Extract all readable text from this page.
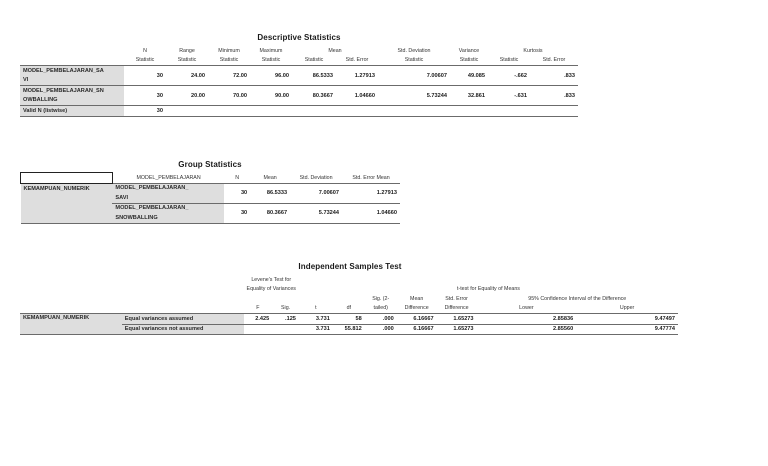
Descriptive Statistics
	N	Range	Minimum	Maximum	Mean		Std. Deviation	Variance	Kurtosis	
	Statistic	Statistic	Statistic	Statistic	Statistic	Std. Error	Statistic	Statistic	Statistic	Std. Error
MODEL_PEMBELAJARAN_SA	30	24.00	72.00	96.00	86.5333	1.27913	7.00607	49.085	-.662	.833
VI										
MODEL_PEMBELAJARAN_SN	30	20.00	70.00	90.00	80.3667	1.04660	5.73244	32.861	-.631	.833
OWBALLING										
Valid N (listwise)	30									
Group Statistics
	MODEL_PEMBELAJARAN	N	Mean	Std. Deviation	Std. Error Mean
KEMAMPUAN_NUMERIK	MODEL_PEMBELAJARAN_	30	86.5333	7.00607	1.27913
	SAVI				
	MODEL_PEMBELAJARAN_	30	80.3667	5.73244	1.04660
	SNOWBALLING				
Independent Samples Test
		Levene's Test for								
		Equality of Variances		t-test for Equality of Means						
						Sig. (2-	Mean	Std. Error	95% Confidence Interval of the Difference	
		F	Sig.	t	df	tailed)	Difference	Difference	Lower	Upper
KEMAMPUAN_NUMERIK	Equal variances assumed	2.425	.125	3.731	58	.000	6.16667	1.65273	2.85836	9.47497
	Equal variances not assumed			3.731	55.812	.000	6.16667	1.65273	2.85560	9.47774
